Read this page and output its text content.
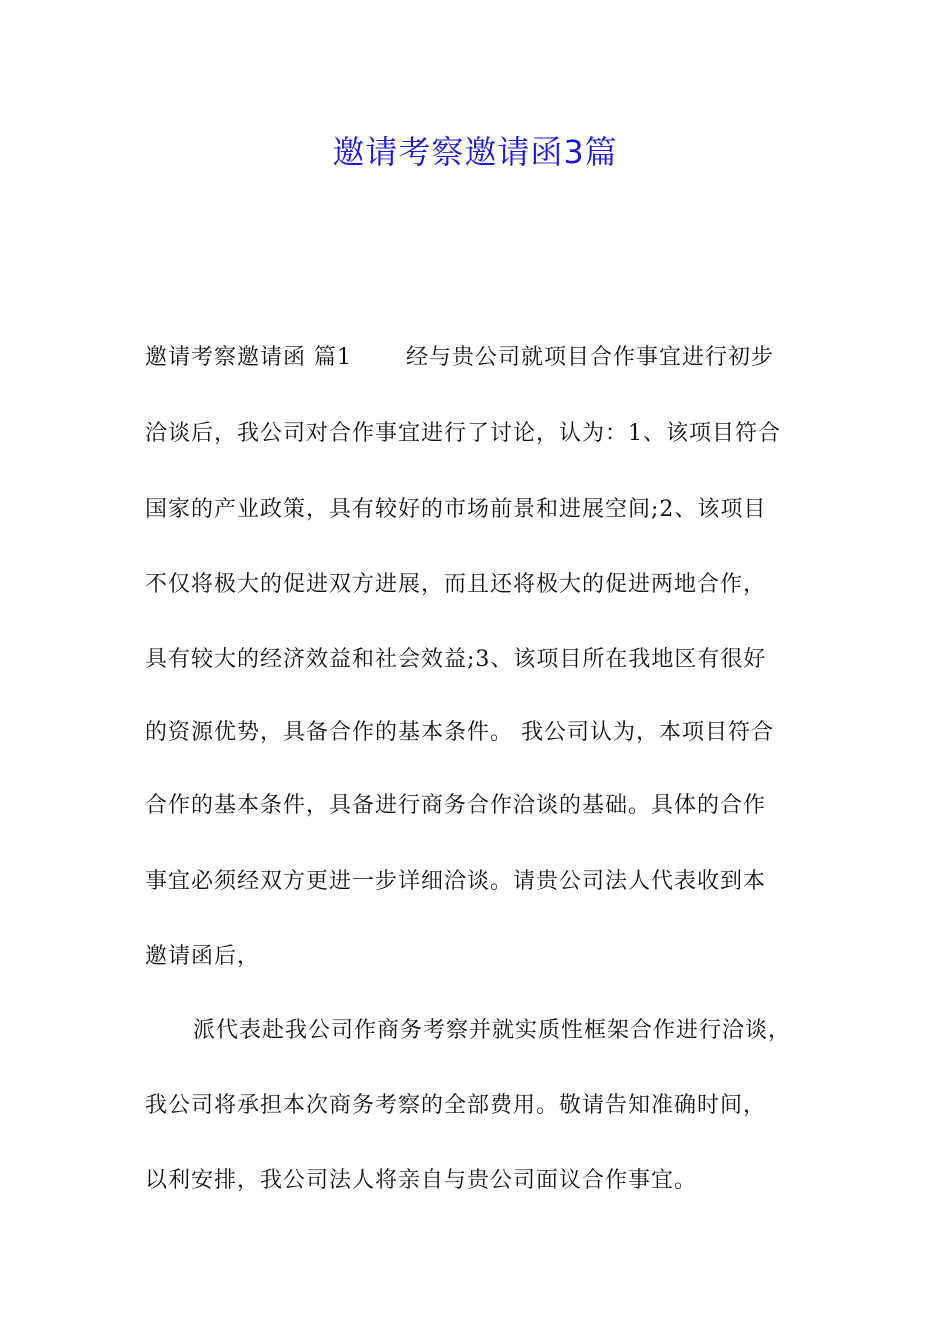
邀请考察邀请函3篇
邀请考察邀请函 篇1　　 经与贵公司就项目合作事宜进行初步
洽谈后，我公司对合作事宜进行了讨论，认为：1、该项目符合
国家的产业政策，具有较好的市场前景和进展空间;2、该项目
不仅将极大的促进双方进展，而且还将极大的促进两地合作，
具有较大的经济效益和社会效益;3、该项目所在我地区有很好
的资源优势，具备合作的基本条件。 我公司认为，本项目符合
合作的基本条件，具备进行商务合作洽谈的基础。具体的合作
事宜必须经双方更进一步详细洽谈。请贵公司法人代表收到本
邀请函后，
　派代表赴我公司作商务考察并就实质性框架合作进行洽谈，
我公司将承担本次商务考察的全部费用。敬请告知准确时间，
以利安排，我公司法人将亲自与贵公司面议合作事宜。
